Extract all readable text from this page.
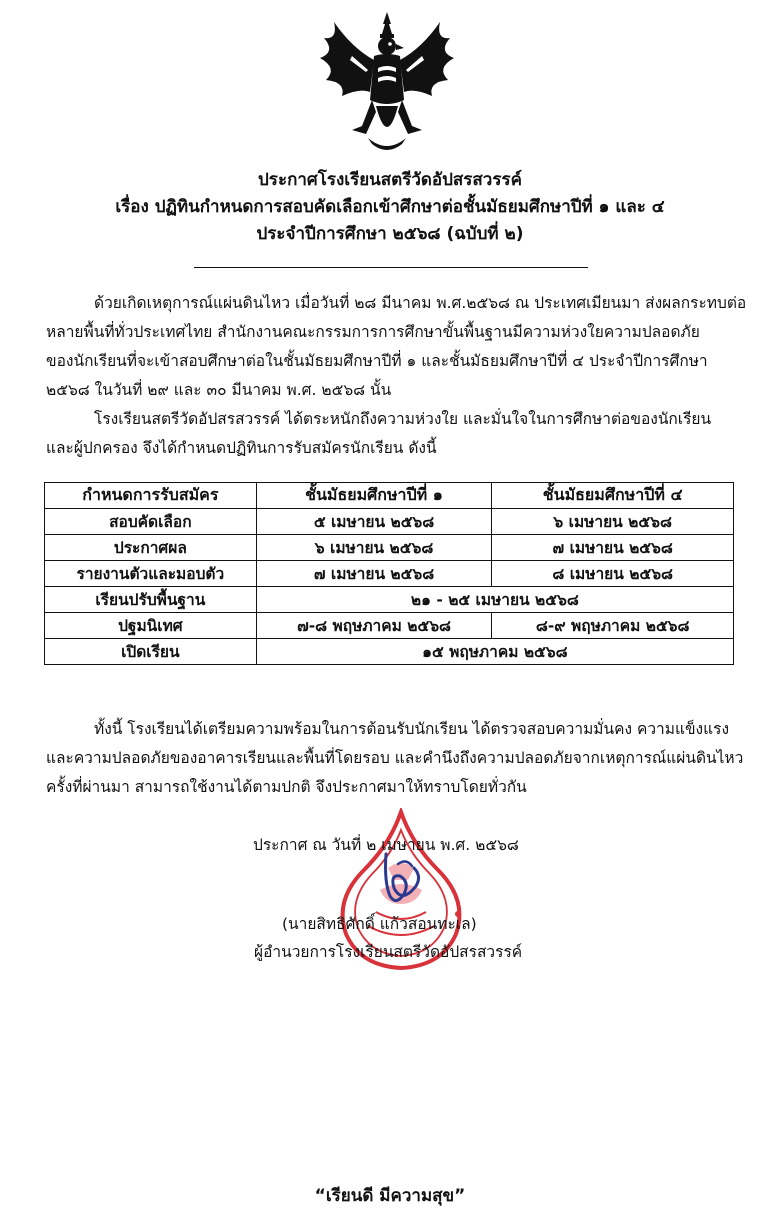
ประกาศโรงเรียนสตรีวัดอัปสรสวรรค์
เรื่อง ปฏิทินกำหนดการสอบคัดเลือกเข้าศึกษาต่อชั้นมัธยมศึกษาปีที่ ๑ และ ๔
ประจำปีการศึกษา ๒๕๖๘ (ฉบับที่ ๒)
ด้วยเกิดเหตุการณ์แผ่นดินไหว เมื่อวันที่ ๒๘ มีนาคม พ.ศ.๒๕๖๘ ณ ประเทศเมียนมา ส่งผลกระทบต่อ
หลายพื้นที่ทั่วประเทศไทย สำนักงานคณะกรรมการการศึกษาขั้นพื้นฐานมีความห่วงใยความปลอดภัย
ของนักเรียนที่จะเข้าสอบศึกษาต่อในชั้นมัธยมศึกษาปีที่ ๑ และชั้นมัธยมศึกษาปีที่ ๔ ประจำปีการศึกษา
๒๕๖๘ ในวันที่ ๒๙ และ ๓๐ มีนาคม พ.ศ. ๒๕๖๘ นั้น
โรงเรียนสตรีวัดอัปสรสวรรค์ ได้ตระหนักถึงความห่วงใย และมั่นใจในการศึกษาต่อของนักเรียน
และผู้ปกครอง จึงได้กำหนดปฏิทินการรับสมัครนักเรียน ดังนี้
กำหนดการรับสมัคร	ชั้นมัธยมศึกษาปีที่ ๑	ชั้นมัธยมศึกษาปีที่ ๔
สอบคัดเลือก	๕ เมษายน ๒๕๖๘	๖ เมษายน ๒๕๖๘
ประกาศผล	๖ เมษายน ๒๕๖๘	๗ เมษายน ๒๕๖๘
รายงานตัวและมอบตัว	๗ เมษายน ๒๕๖๘	๘ เมษายน ๒๕๖๘
เรียนปรับพื้นฐาน	๒๑ - ๒๕ เมษายน ๒๕๖๘	
ปฐมนิเทศ	๗-๘ พฤษภาคม ๒๕๖๘	๘-๙ พฤษภาคม ๒๕๖๘
เปิดเรียน	๑๕ พฤษภาคม ๒๕๖๘	
ทั้งนี้ โรงเรียนได้เตรียมความพร้อมในการต้อนรับนักเรียน ได้ตรวจสอบความมั่นคง ความแข็งแรง
และความปลอดภัยของอาคารเรียนและพื้นที่โดยรอบ และคำนึงถึงความปลอดภัยจากเหตุการณ์แผ่นดินไหว
ครั้งที่ผ่านมา สามารถใช้งานได้ตามปกติ จึงประกาศมาให้ทราบโดยทั่วกัน
ประกาศ ณ วันที่ ๒ เมษายน พ.ศ. ๒๕๖๘
(นายสิทธิศักดิ์ แก้วสอนทะเล)
ผู้อำนวยการโรงเรียนสตรีวัดอัปสรสวรรค์
“เรียนดี มีความสุข”
